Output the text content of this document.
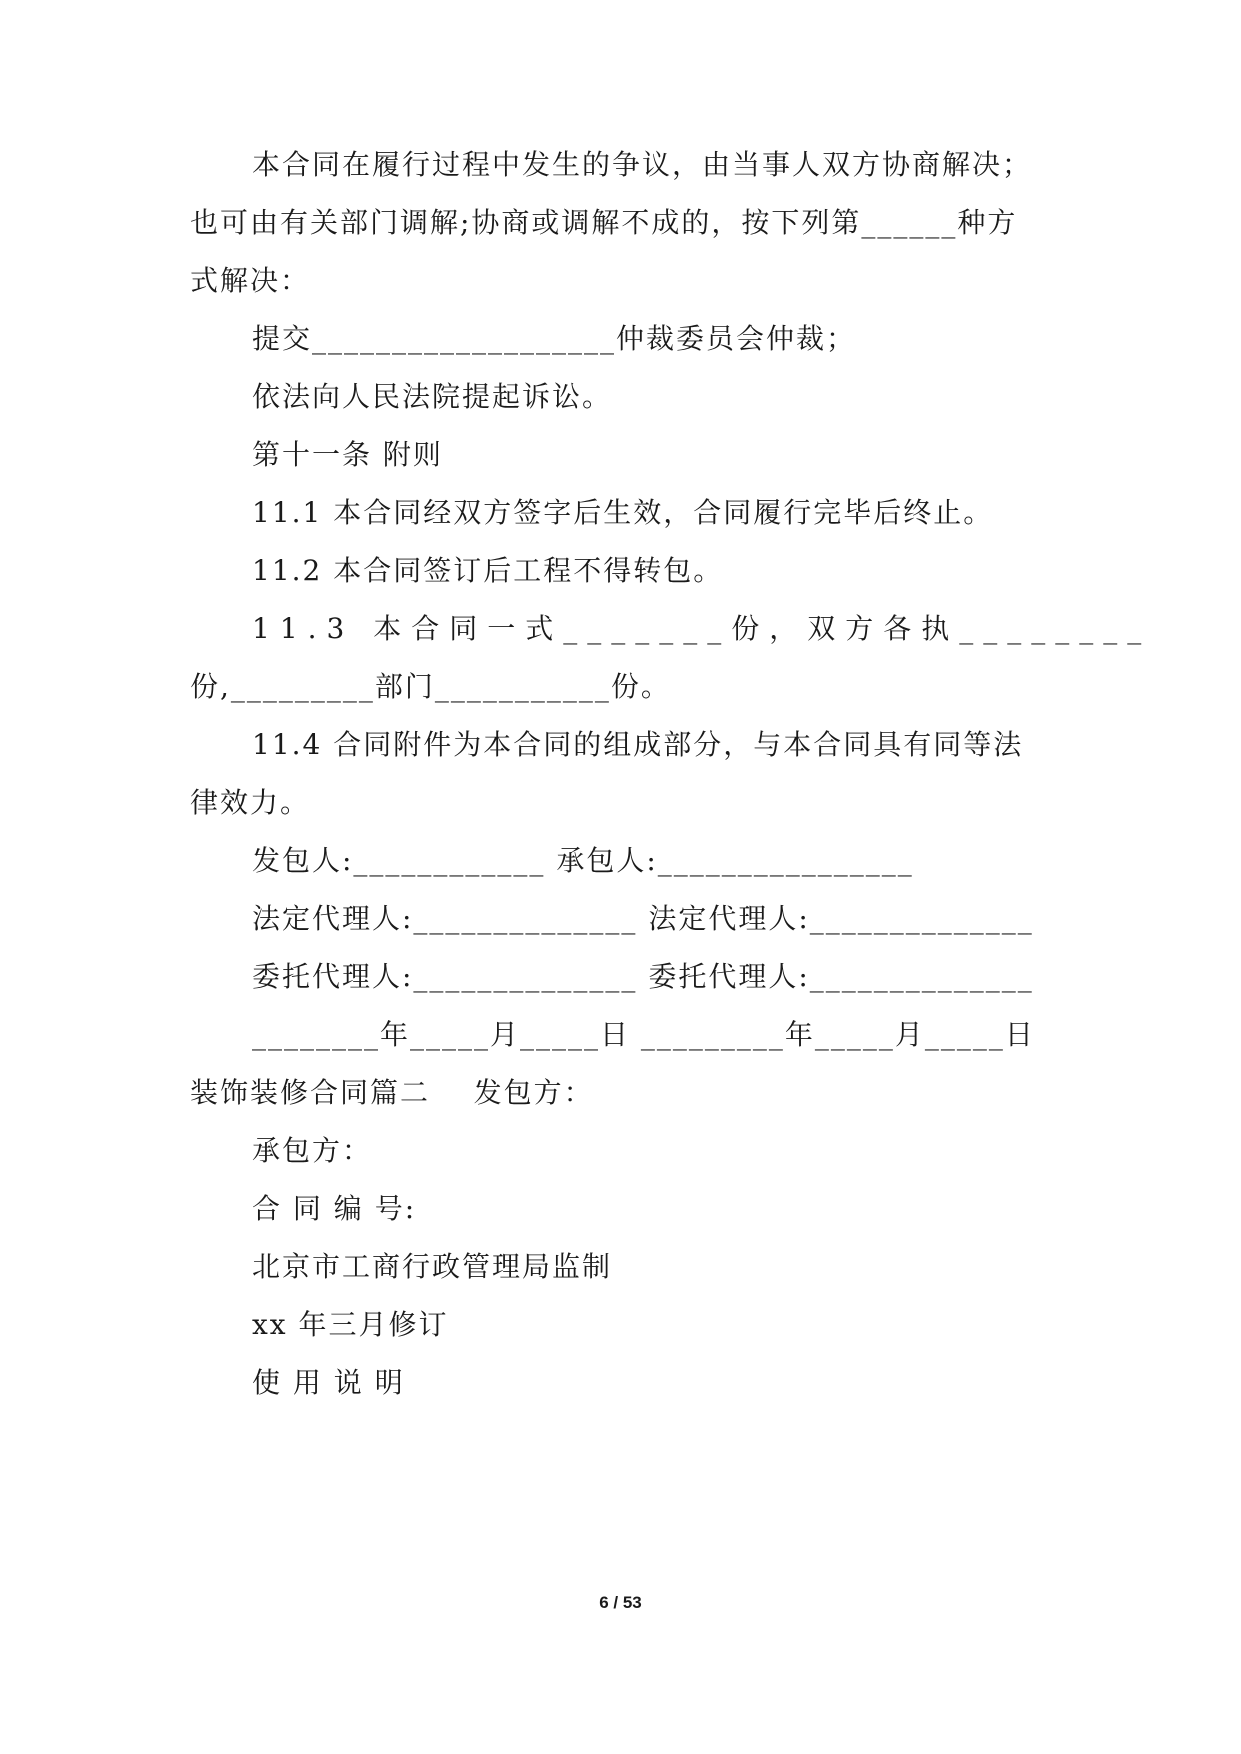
本合同在履行过程中发生的争议，由当事人双方协商解决；
也可由有关部门调解;协商或调解不成的，按下列第______种方
式解决：
提交___________________仲裁委员会仲裁；
依法向人民法院提起诉讼。
第十一条 附则
11.1 本合同经双方签字后生效，合同履行完毕后终止。
11.2 本合同签订后工程不得转包。
11.3 本合同一式_______份，双方各执________
份,_________部门___________份。
11.4 合同附件为本合同的组成部分，与本合同具有同等法
律效力。
发包人:____________ 承包人:________________
法定代理人:______________ 法定代理人:______________
委托代理人:______________ 委托代理人:______________
________年_____月_____日 _________年_____月_____日
装饰装修合同篇二    发包方：
承包方：
合 同 编 号:
北京市工商行政管理局监制
xx 年三月修订
使 用 说 明
6 / 53
